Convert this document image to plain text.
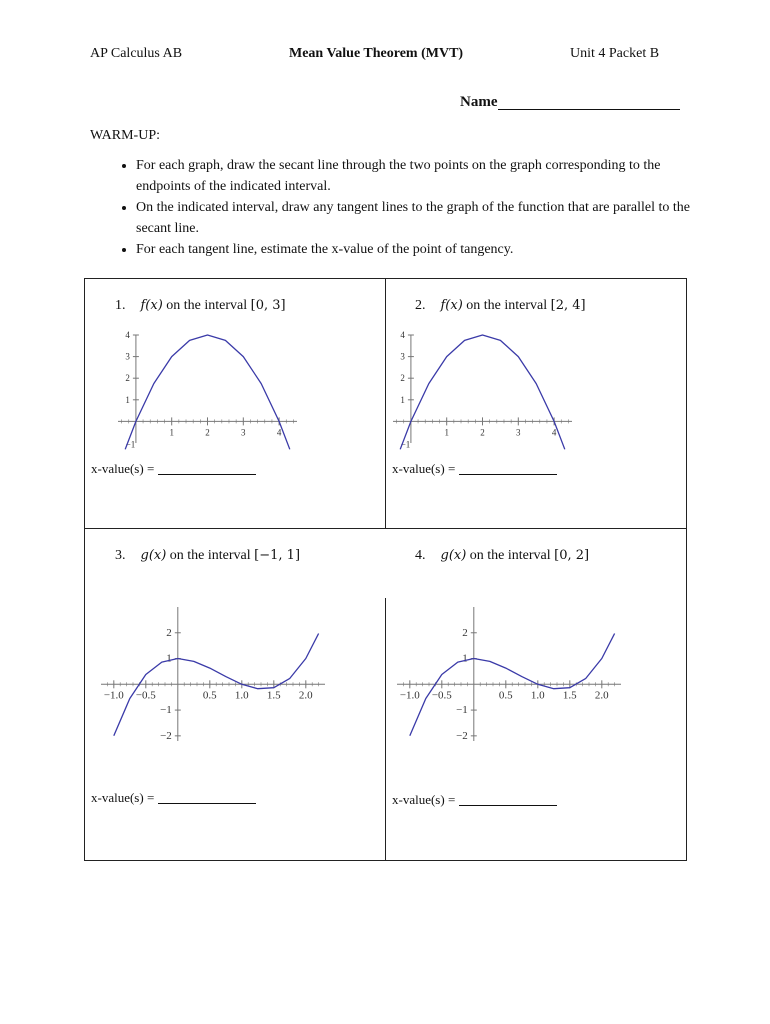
AP Calculus AB	Mean Value Theorem (MVT)	Unit 4 Packet B
Name
WARM-UP:
• For each graph, draw the secant line through the two points on the graph corresponding to the endpoints of the indicated interval.
• On the indicated interval, draw any tangent lines to the graph of the function that are parallel to the secant line.
• For each tangent line, estimate the x-value of the point of tangency.
1. f(x) on the interval [0, 3]
1	2	3	4
1
2
3
4
−1
x-value(s) =
2. f(x) on the interval [2, 4]
1	2	3	4
1
2
3
4
−1
x-value(s) =
3. g(x) on the interval [−1, 1]
−1.0 −0.5	0.5 1.0 1.5 2.0
2
1
−1
−2
x-value(s) =
4. g(x) on the interval [0, 2]
−1.0 −0.5	0.5 1.0 1.5 2.0
2
1
−1
−2
x-value(s) =
